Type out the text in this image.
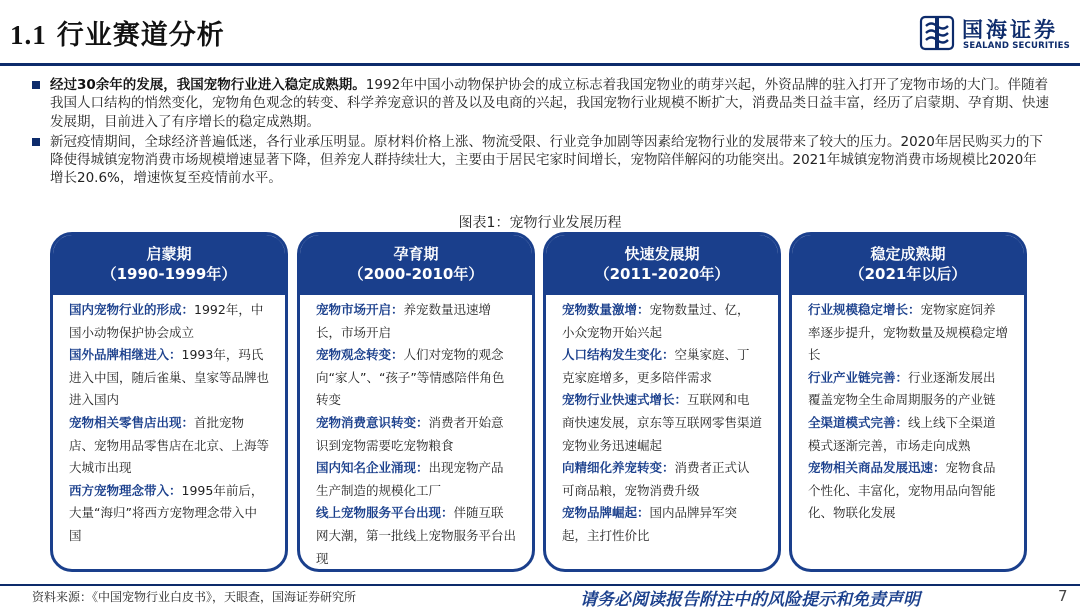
1.1 行业赛道分析	国海证券
SEALAND SECURITIES
经过30余年的发展，我国宠物行业进入稳定成熟期。1992年中国小动物保护协会的成立标志着我国宠物业的萌芽兴起，外资品牌的驻入打开了宠物市场的大门。伴随着我国人口结构的悄然变化，宠物角色观念的转变、科学养宠意识的普及以及电商的兴起，我国宠物行业规模不断扩大，消费品类日益丰富，经历了启蒙期、孕育期、快速发展期，目前进入了有序增长的稳定成熟期。
新冠疫情期间，全球经济普遍低迷，各行业承压明显。原材料价格上涨、物流受限、行业竞争加剧等因素给宠物行业的发展带来了较大的压力。2020年居民购买力的下降使得城镇宠物消费市场规模增速显著下降，但养宠人群持续壮大，主要由于居民宅家时间增长，宠物陪伴解闷的功能突出。2021年城镇宠物消费市场规模比2020年增长20.6%，增速恢复至疫情前水平。
图表1：宠物行业发展历程
启蒙期
（1990-1999年）
国内宠物行业的形成：1992年，中国小动物保护协会成立
国外品牌相继进入：1993年，玛氏进入中国，随后雀巢、皇家等品牌也进入国内
宠物相关零售店出现：首批宠物店、宠物用品零售店在北京、上海等大城市出现
西方宠物理念带入：1995年前后，大量“海归”将西方宠物理念带入中国
孕育期
（2000-2010年）
宠物市场开启：养宠数量迅速增长，市场开启
宠物观念转变：人们对宠物的观念向“家人”、“孩子”等情感陪伴角色转变
宠物消费意识转变：消费者开始意识到宠物需要吃宠物粮食
国内知名企业涌现：出现宠物产品生产制造的规模化工厂
线上宠物服务平台出现：伴随互联网大潮，第一批线上宠物服务平台出现
快速发展期
（2011-2020年）
宠物数量激增：宠物数量过、亿，小众宠物开始兴起
人口结构发生变化：空巢家庭、丁克家庭增多，更多陪伴需求
宠物行业快速式增长：互联网和电商快速发展，京东等互联网零售渠道宠物业务迅速崛起
向精细化养宠转变：消费者正式认可商品粮，宠物消费升级
宠物品牌崛起：国内品牌异军突起，主打性价比
稳定成熟期
（2021年以后）
行业规模稳定增长：宠物家庭饲养率逐步提升，宠物数量及规模稳定增长
行业产业链完善：行业逐渐发展出覆盖宠物全生命周期服务的产业链
全渠道模式完善：线上线下全渠道模式逐渐完善，市场走向成熟
宠物相关商品发展迅速：宠物食品个性化、丰富化，宠物用品向智能化、物联化发展
资料来源：《中国宠物行业白皮书》，天眼查，国海证券研究所	请务必阅读报告附注中的风险提示和免责声明	7
